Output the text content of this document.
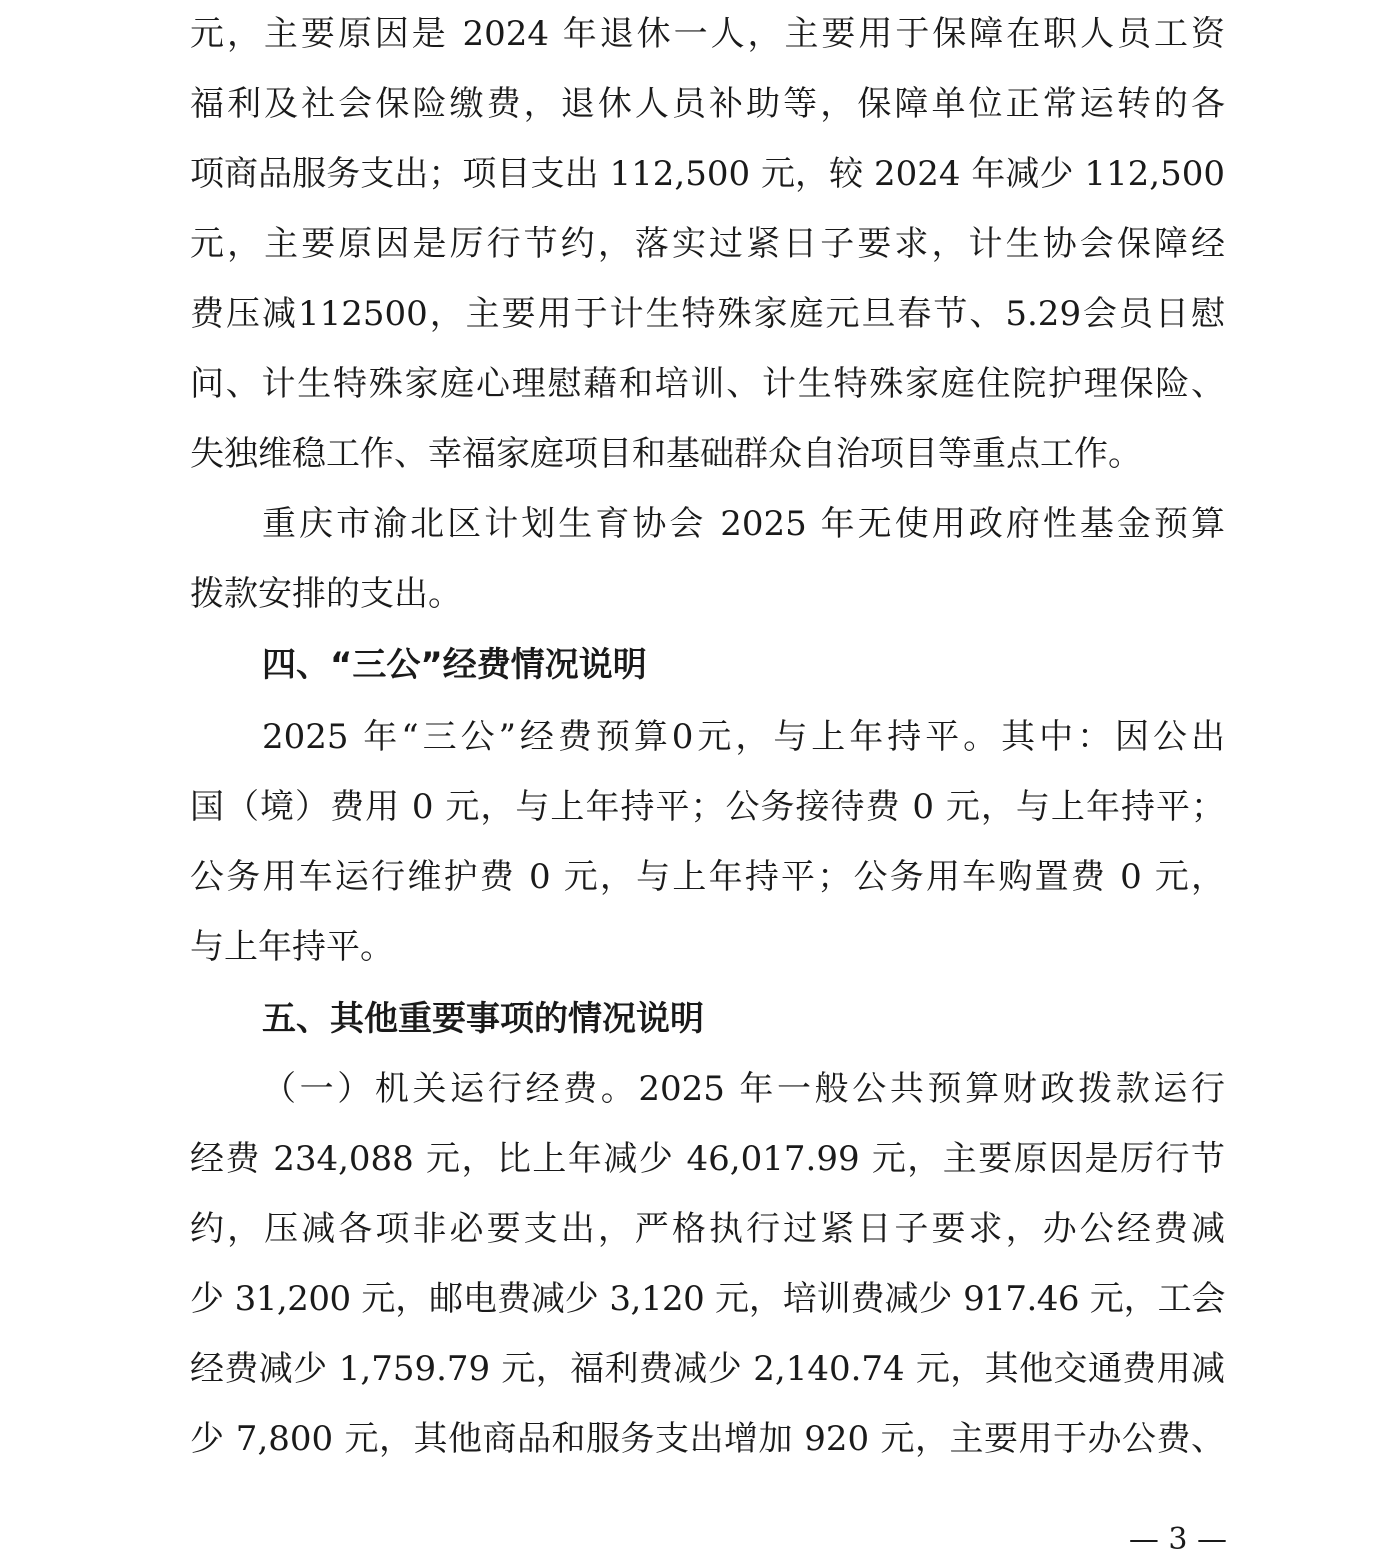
元，主要原因是 2024 年退休一人，主要用于保障在职人员工资
福利及社会保险缴费，退休人员补助等，保障单位正常运转的各
项商品服务支出；项目支出 112,500 元，较 2024 年减少 112,500
元，主要原因是厉行节约，落实过紧日子要求，计生协会保障经
费压减112500，主要用于计生特殊家庭元旦春节、5.29会员日慰
问、计生特殊家庭心理慰藉和培训、计生特殊家庭住院护理保险、
失独维稳工作、幸福家庭项目和基础群众自治项目等重点工作。
重庆市渝北区计划生育协会 2025 年无使用政府性基金预算
拨款安排的支出。
四、“三公”经费情况说明
2025 年“三公”经费预算0元，与上年持平。其中：因公出
国（境）费用 0 元，与上年持平；公务接待费 0 元，与上年持平；
公务用车运行维护费 0 元，与上年持平；公务用车购置费 0 元，
与上年持平。
五、其他重要事项的情况说明
（一）机关运行经费。2025 年一般公共预算财政拨款运行
经费 234,088 元，比上年减少 46,017.99 元，主要原因是厉行节
约，压减各项非必要支出，严格执行过紧日子要求，办公经费减
少 31,200 元，邮电费减少 3,120 元，培训费减少 917.46 元，工会
经费减少 1,759.79 元，福利费减少 2,140.74 元，其他交通费用减
少 7,800 元，其他商品和服务支出增加 920 元，主要用于办公费、
— 3 —
